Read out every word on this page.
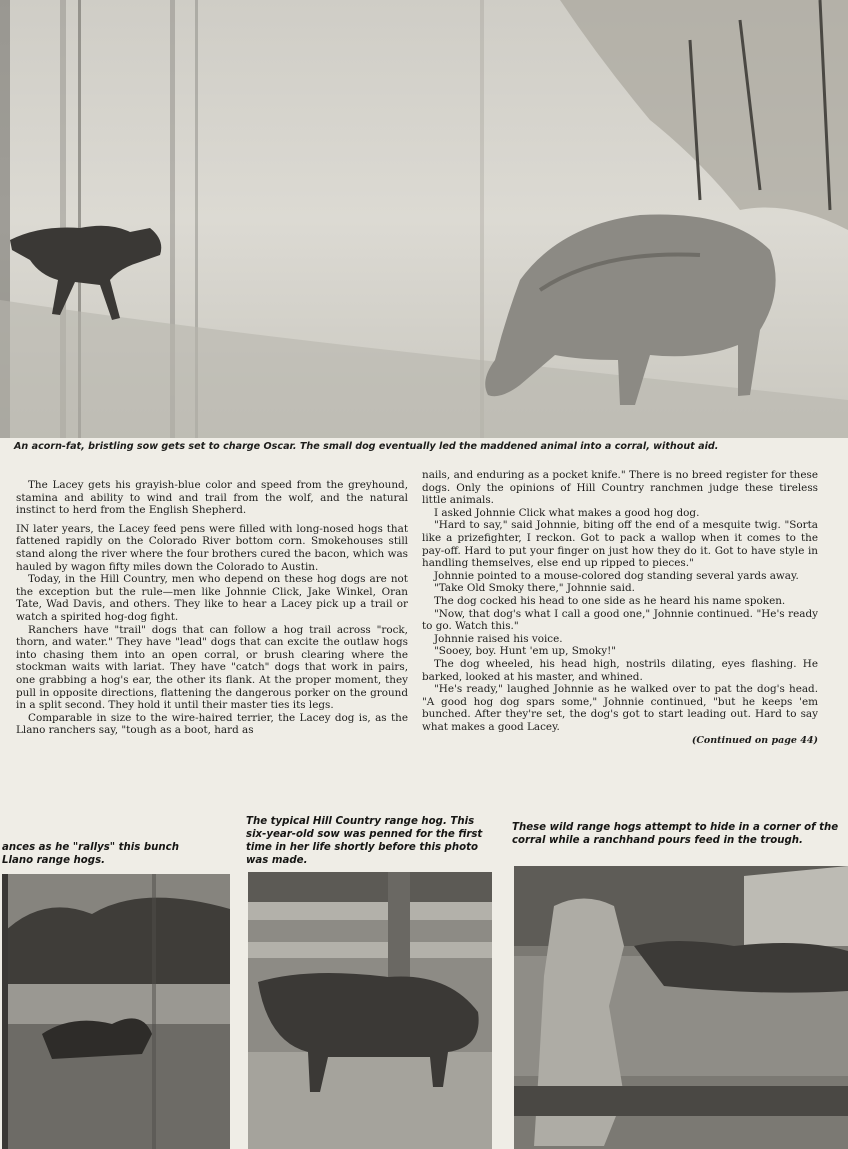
An acorn-fat, bristling sow gets set to charge Oscar. The small dog eventually led the maddened animal into a corral, without aid.

The Lacey gets his grayish-blue color and speed from the greyhound, stamina and ability to wind and trail from the wolf, and the natural instinct to herd from the English Shepherd.

IN later years, the Lacey feed pens were filled with long-nosed hogs that fattened rapidly on the Colorado River bottom corn. Smokehouses still stand along the river where the four brothers cured the bacon, which was hauled by wagon fifty miles down the Colorado to Austin.

Today, in the Hill Country, men who depend on these hog dogs are not the exception but the rule—men like Johnnie Click, Jake Winkel, Oran Tate, Wad Davis, and others. They like to hear a Lacey pick up a trail or watch a spirited hog-dog fight.

Ranchers have "trail" dogs that can follow a hog trail across "rock, thorn, and water." They have "lead" dogs that can excite the outlaw hogs into chasing them into an open corral, or brush clearing where the stockman waits with lariat. They have "catch" dogs that work in pairs, one grabbing a hog's ear, the other its flank. At the proper moment, they pull in opposite directions, flattening the dangerous porker on the ground in a split second. They hold it until their master ties its legs.

Comparable in size to the wire-haired terrier, the Lacey dog is, as the Llano ranchers say, "tough as a boot, hard as

nails, and enduring as a pocket knife." There is no breed register for these dogs. Only the opinions of Hill Country ranchmen judge these tireless little animals.

I asked Johnnie Click what makes a good hog dog.

"Hard to say," said Johnnie, biting off the end of a mesquite twig. "Sorta like a prizefighter, I reckon. Got to pack a wallop when it comes to the pay-off. Hard to put your finger on just how they do it. Got to have style in handling themselves, else end up ripped to pieces."

Johnnie pointed to a mouse-colored dog standing several yards away.

"Take Old Smoky there," Johnnie said.

The dog cocked his head to one side as he heard his name spoken.

"Now, that dog's what I call a good one," Johnnie continued. "He's ready to go. Watch this."

Johnnie raised his voice.

"Sooey, boy. Hunt 'em up, Smoky!"

The dog wheeled, his head high, nostrils dilating, eyes flashing. He barked, looked at his master, and whined.

"He's ready," laughed Johnnie as he walked over to pat the dog's head. "A good hog dog spars some," Johnnie continued, "but he keeps 'em bunched. After they're set, the dog's got to start leading out. Hard to say what makes a good Lacey.

(Continued on page 44)
ances as he "rallys" this bunch Llano range hogs.
The typical Hill Country range hog. This six-year-old sow was penned for the first time in her life shortly before this photo was made.
These wild range hogs attempt to hide in a corner of the corral while a ranchhand pours feed in the trough.
